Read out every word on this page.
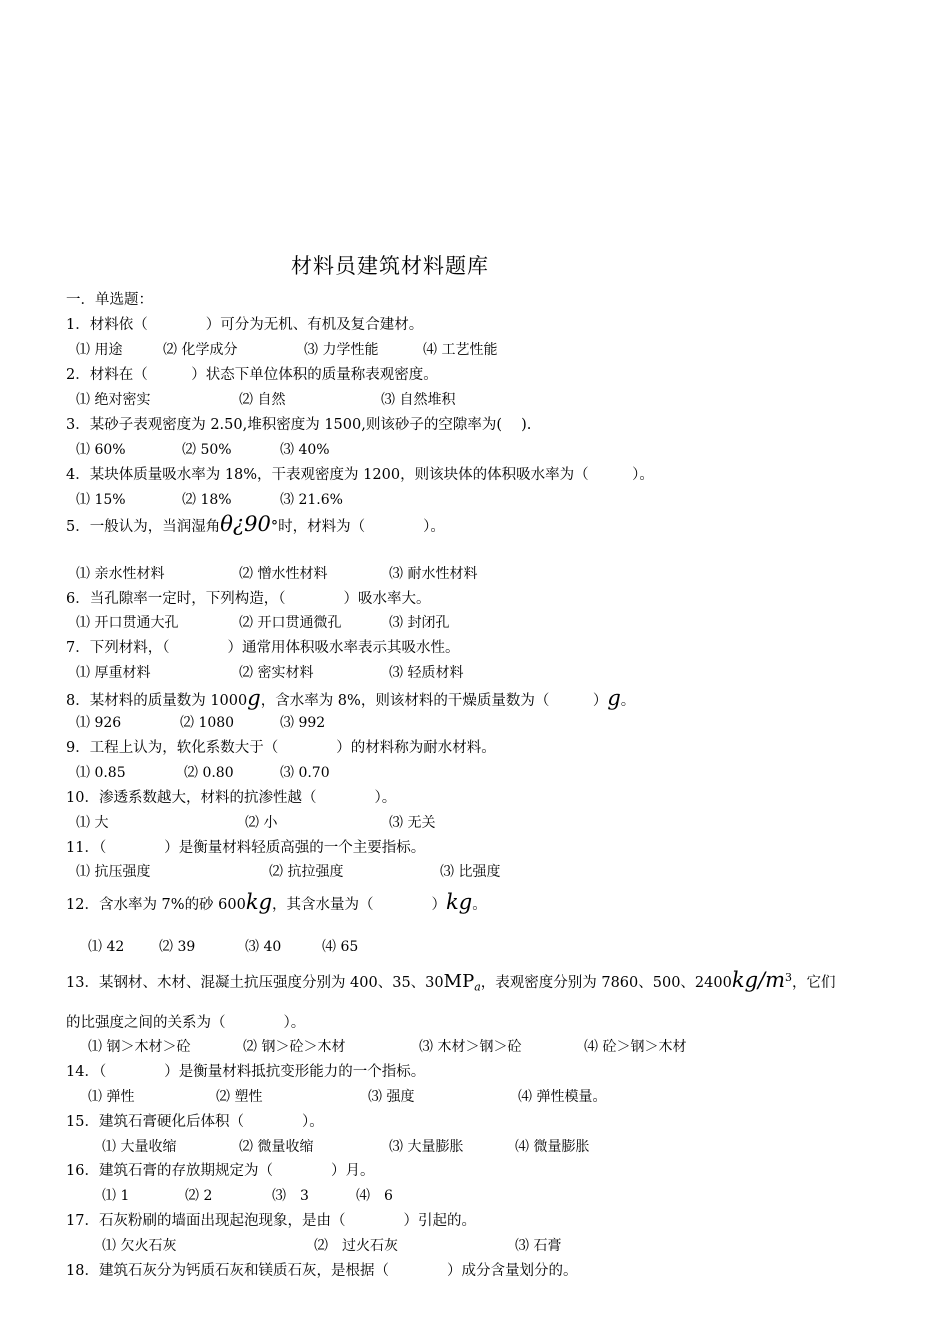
材料员建筑材料题库
一．单选题：
1．材料依（　　　　）可分为无机、有机及复合建材。
⑴ 用途	⑵ 化学成分	⑶ 力学性能	⑷ 工艺性能
2．材料在（　　　）状态下单位体积的质量称表观密度。
⑴ 绝对密实	⑵ 自然	⑶ 自然堆积
3．某砂子表观密度为 2.50,堆积密度为 1500,则该砂子的空隙率为(　 ).
⑴ 60%	⑵ 50%	⑶ 40%
4．某块体质量吸水率为 18%，干表观密度为 1200，则该块体的体积吸水率为（　　　）。
⑴ 15%	⑵ 18%	⑶ 21.6%
5．一般认为，当润湿角θ¿90°时，材料为（　　　　）。
⑴ 亲水性材料	⑵ 憎水性材料	⑶ 耐水性材料
6．当孔隙率一定时，下列构造，（　　　　）吸水率大。
⑴ 开口贯通大孔	⑵ 开口贯通微孔	⑶ 封闭孔
7．下列材料，（　　　　）通常用体积吸水率表示其吸水性。
⑴ 厚重材料	⑵ 密实材料	⑶ 轻质材料
8．某材料的质量数为 1000g，含水率为 8%，则该材料的干燥质量数为（　　　）g。
⑴ 926	⑵ 1080	⑶ 992
9．工程上认为，软化系数大于（　　　　）的材料称为耐水材料。
⑴ 0.85	⑵ 0.80	⑶ 0.70
10．渗透系数越大，材料的抗渗性越（　　　　）。
⑴ 大	⑵ 小	⑶ 无关
11．（　　　　）是衡量材料轻质高强的一个主要指标。
⑴ 抗压强度	⑵ 抗拉强度	⑶ 比强度
12．含水率为 7%的砂 600kg，其含水量为（　　　　）kg。
⑴ 42 ⑵ 39	⑶ 40	⑷ 65
13．某钢材、木材、混凝土抗压强度分别为 400、35、$30MP_a$，表观密度分别为 7860、500、$2400kg/m^3$，它们
的比强度之间的关系为（　　　　）。
⑴ 钢＞木材＞砼	⑵ 钢＞砼＞木材	⑶ 木材＞钢＞砼	⑷ 砼＞钢＞木材
14．（　　　　）是衡量材料抵抗变形能力的一个指标。
⑴ 弹性	⑵ 塑性	⑶ 强度	⑷ 弹性模量。
15．建筑石膏硬化后体积（　　　　）。
⑴ 大量收缩	⑵ 微量收缩	⑶ 大量膨胀	⑷ 微量膨胀
16．建筑石膏的存放期规定为（　　　　）月。
⑴ 1	⑵ 2	⑶　3	⑷　6
17．石灰粉刷的墙面出现起泡现象，是由（　　　　）引起的。
⑴ 欠火石灰	⑵　过火石灰	⑶ 石膏
18．建筑石灰分为钙质石灰和镁质石灰，是根据（　　　　）成分含量划分的。
